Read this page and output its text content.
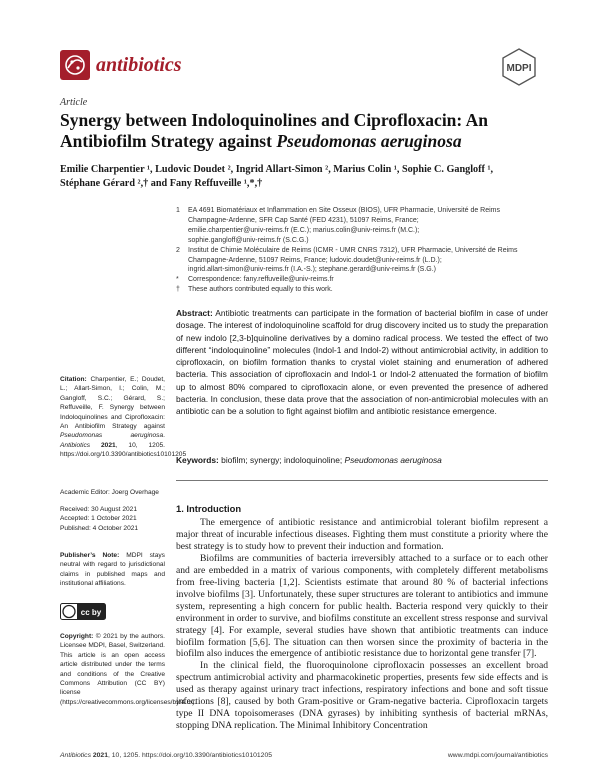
antibiotics	MDPI
Article
Synergy between Indoloquinolines and Ciprofloxacin: An
Antibiofilm Strategy against Pseudomonas aeruginosa
Emilie Charpentier ¹, Ludovic Doudet ², Ingrid Allart-Simon ², Marius Colin ¹, Sophie C. Gangloff ¹,
Stéphane Gérard ²,† and Fany Reffuveille ¹,*,†
1 EA 4691 Biomatériaux et Inflammation en Site Osseux (BIOS), UFR Pharmacie, Université de Reims
Champagne-Ardenne, SFR Cap Santé (FED 4231), 51097 Reims, France;
emilie.charpentier@univ-reims.fr (E.C.); marius.colin@univ-reims.fr (M.C.);
sophie.gangloff@univ-reims.fr (S.C.G.)
2 Institut de Chimie Moléculaire de Reims (ICMR - UMR CNRS 7312), UFR Pharmacie, Université de Reims
Champagne-Ardenne, 51097 Reims, France; ludovic.doudet@univ-reims.fr (L.D.);
ingrid.allart-simon@univ-reims.fr (I.A.-S.); stephane.gerard@univ-reims.fr (S.G.)
* Correspondence: fany.reffuveille@univ-reims.fr
† These authors contributed equally to this work.
Abstract: Antibiotic treatments can participate in the formation of bacterial biofilm in case of under dosage. The interest of indoloquinoline scaffold for drug discovery incited us to study the preparation of new indolo [2,3-b]quinoline derivatives by a domino radical process. We tested the effect of two different “indoloquinoline” molecules (Indol-1 and Indol-2) without antimicrobial activity, in addition to ciprofloxacin, on biofilm formation thanks to crystal violet staining and enumeration of adhered bacteria. This association of ciprofloxacin and Indol-1 or Indol-2 attenuated the formation of biofilm up to almost 80% compared to ciprofloxacin alone, or even prevented the presence of adhered bacteria. In conclusion, these data prove that the association of non-antimicrobial molecules with an antibiotic can be a solution to fight against biofilm and antibiotic resistance emergence.
Keywords: biofilm; synergy; indoloquinoline; Pseudomonas aeruginosa
Citation: Charpentier, E.; Doudet, L.; Allart-Simon, I.; Colin, M.; Gangloff, S.C.; Gérard, S.; Reffuveille, F. Synergy between Indoloquinolines and Ciprofloxacin: An Antibiofilm Strategy against Pseudomonas aeruginosa. Antibiotics 2021, 10, 1205. https://doi.org/10.3390/antibiotics10101205
Academic Editor: Joerg Overhage
Received: 30 August 2021
Accepted: 1 October 2021
Published: 4 October 2021
Publisher’s Note: MDPI stays neutral with regard to jurisdictional claims in published maps and institutional affiliations.
cc by
Copyright: © 2021 by the authors. Licensee MDPI, Basel, Switzerland. This article is an open access article distributed under the terms and conditions of the Creative Commons Attribution (CC BY) license (https://creativecommons.org/licenses/by/4.0/).
1. Introduction

The emergence of antibiotic resistance and antimicrobial tolerant biofilm represent a major threat of incurable infectious diseases. Fighting them must constitute a priority where the best strategy is to study how to prevent their induction and formation.

Biofilms are communities of bacteria irreversibly attached to a surface or to each other and are embedded in a matrix of various components, with completely different metabolisms from free-living bacteria [1,2]. Scientists estimate that around 80 % of bacterial infections involve biofilms [3]. Unfortunately, these super structures are tolerant to antibiotics and immune system, representing a high concern for public health. Bacteria respond very quickly to their environment in order to survive, and biofilms constitute an excellent stress response and survival strategy [4]. For example, several studies have shown that antibiotic treatments can induce biofilm formation [5,6]. The situation can then worsen since the proximity of bacteria in the biofilm also induces the emergence of antibiotic resistance due to horizontal gene transfer [7].

In the clinical field, the fluoroquinolone ciprofloxacin possesses an excellent broad spectrum antimicrobial activity and pharmacokinetic properties, presents few side effects and is used as therapy against urinary tract infections, respiratory infections and bone and soft tissue infections [8], caused by both Gram-positive or Gram-negative bacteria. Ciprofloxacin targets type II DNA topoisomerases (DNA gyrases) by inhibiting synthesis of bacterial mRNAs, stopping DNA replication. The Minimal Inhibitory Concentration

Antibiotics 2021, 10, 1205. https://doi.org/10.3390/antibiotics10101205	www.mdpi.com/journal/antibiotics
